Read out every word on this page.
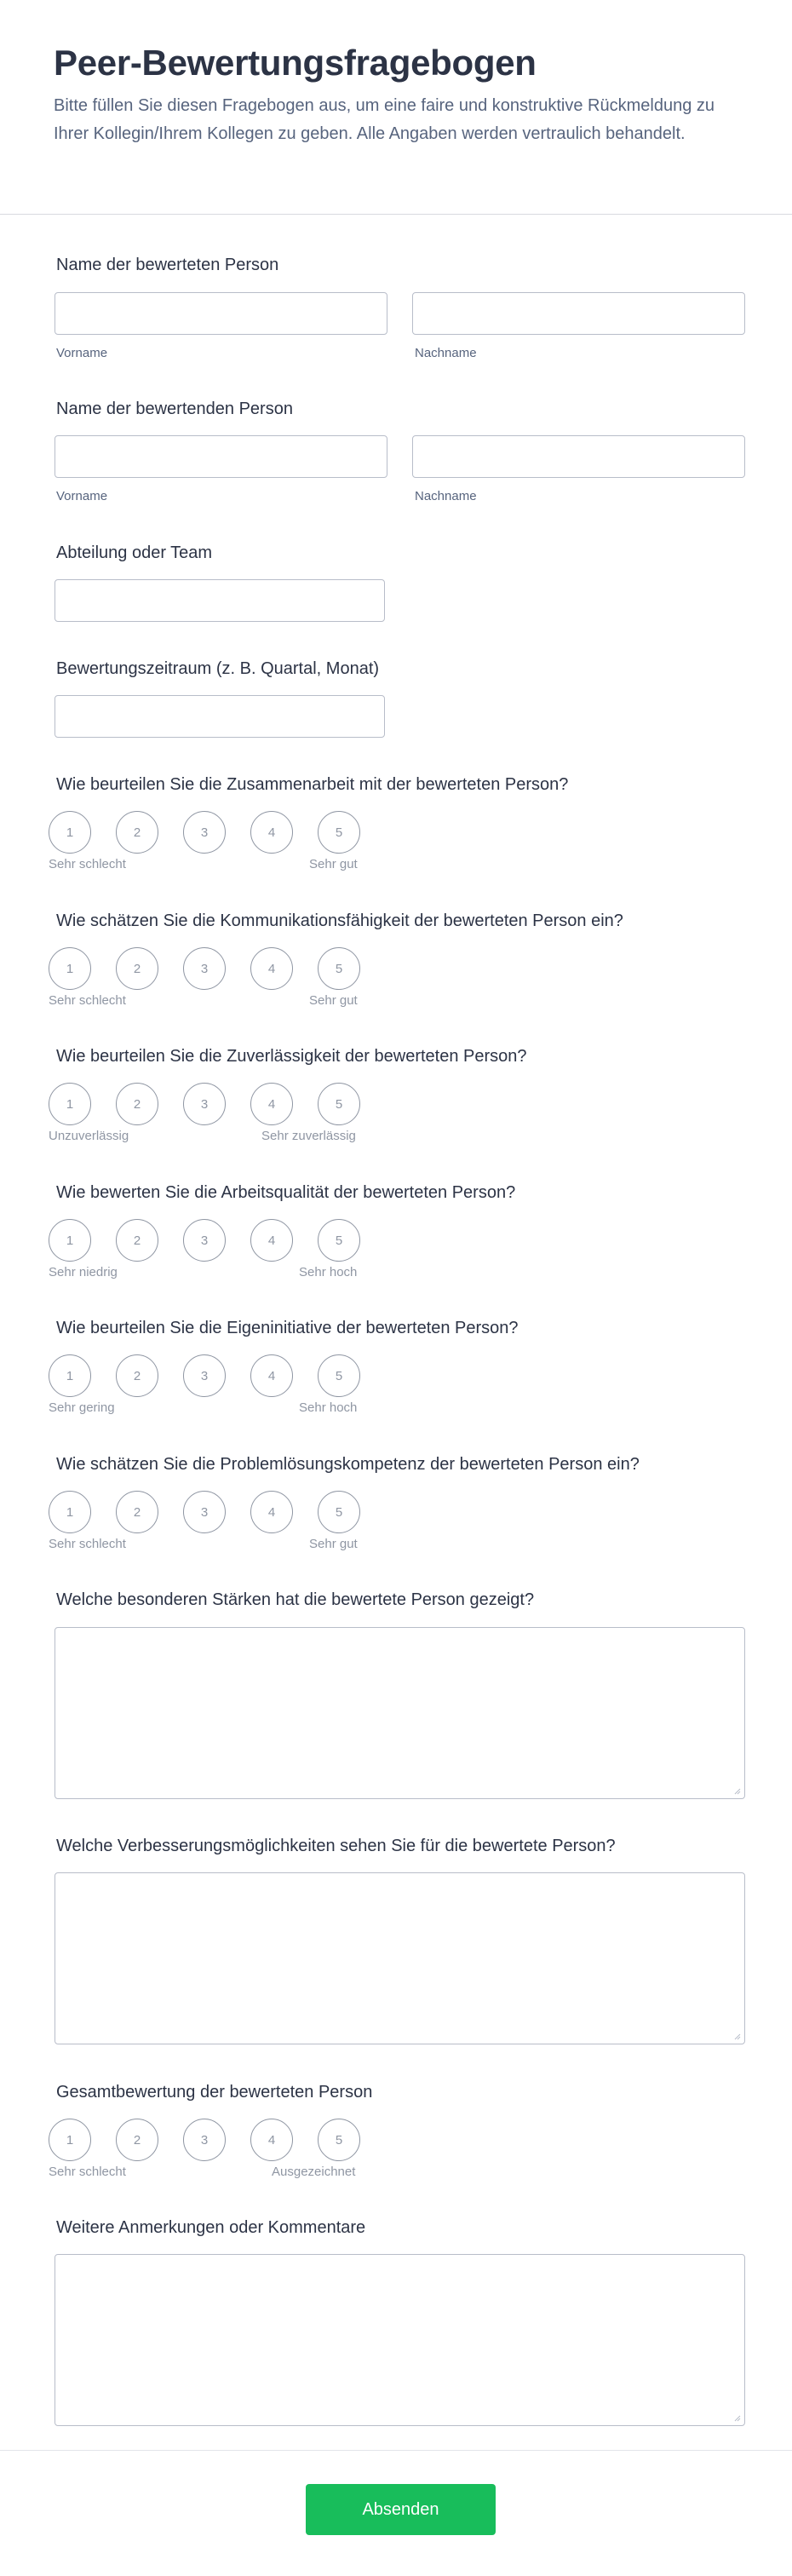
Peer-Bewertungsfragebogen

Bitte füllen Sie diesen Fragebogen aus, um eine faire und konstruktive Rückmeldung zu Ihrer Kollegin/Ihrem Kollegen zu geben. Alle Angaben werden vertraulich behandelt.

Name der bewerteten Person
Vorname	Nachname
Name der bewertenden Person
Vorname	Nachname
Abteilung oder Team
Bewertungszeitraum (z. B. Quartal, Monat)
Wie beurteilen Sie die Zusammenarbeit mit der bewerteten Person?
1	2	3	4	5
Sehr schlecht	Sehr gut
Wie schätzen Sie die Kommunikationsfähigkeit der bewerteten Person ein?
1	2	3	4	5
Sehr schlecht	Sehr gut
Wie beurteilen Sie die Zuverlässigkeit der bewerteten Person?
1	2	3	4	5
Unzuverlässig	Sehr zuverlässig
Wie bewerten Sie die Arbeitsqualität der bewerteten Person?
1	2	3	4	5
Sehr niedrig	Sehr hoch
Wie beurteilen Sie die Eigeninitiative der bewerteten Person?
1	2	3	4	5
Sehr gering	Sehr hoch
Wie schätzen Sie die Problemlösungskompetenz der bewerteten Person ein?
1	2	3	4	5
Sehr schlecht	Sehr gut
Welche besonderen Stärken hat die bewertete Person gezeigt?
Welche Verbesserungsmöglichkeiten sehen Sie für die bewertete Person?
Gesamtbewertung der bewerteten Person
1	2	3	4	5
Sehr schlecht	Ausgezeichnet
Weitere Anmerkungen oder Kommentare
Absenden
